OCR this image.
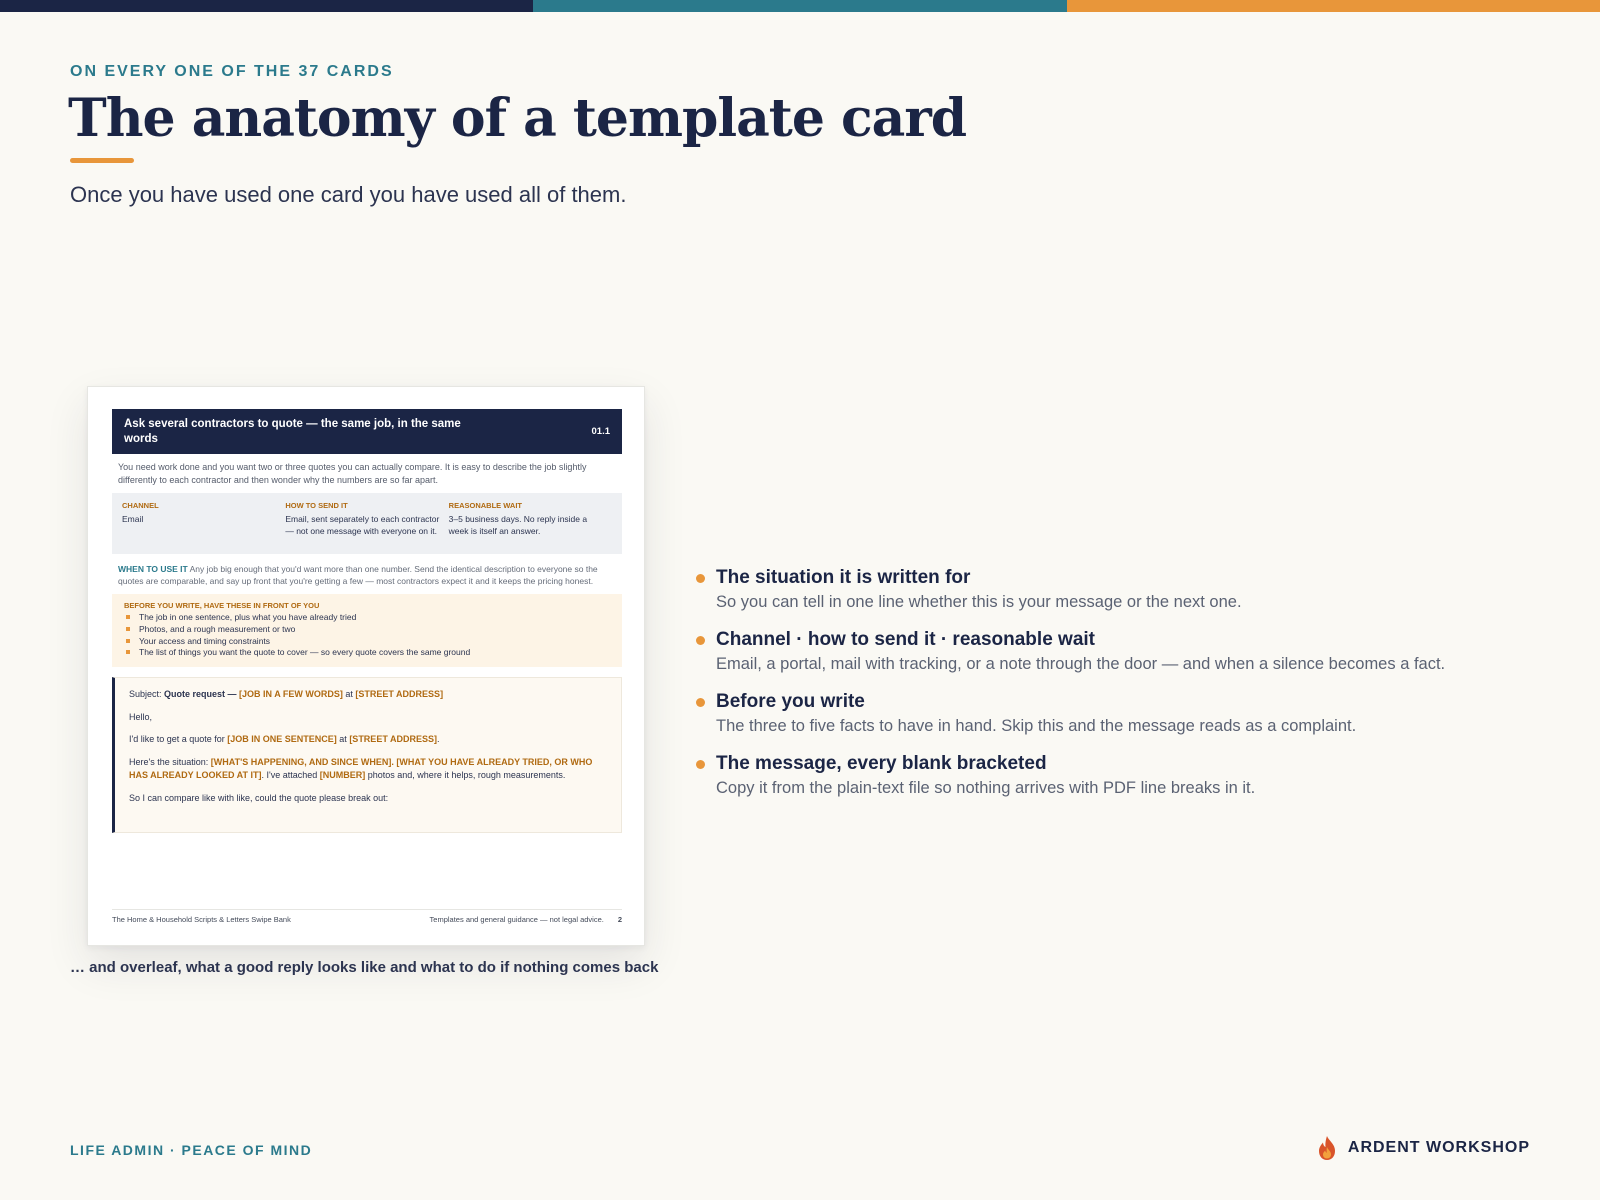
ON EVERY ONE OF THE 37 CARDS
The anatomy of a template card
Once you have used one card you have used all of them.
Ask several contractors to quote — the same job, in the same words
01.1
You need work done and you want two or three quotes you can actually compare. It is easy to describe the job slightly differently to each contractor and then wonder why the numbers are so far apart.
CHANNEL
Email
HOW TO SEND IT
Email, sent separately to each contractor — not one message with everyone on it.
REASONABLE WAIT
3–5 business days. No reply inside a week is itself an answer.
WHEN TO USE IT Any job big enough that you'd want more than one number. Send the identical description to everyone so the quotes are comparable, and say up front that you're getting a few — most contractors expect it and it keeps the pricing honest.
BEFORE YOU WRITE, HAVE THESE IN FRONT OF YOU
The job in one sentence, plus what you have already tried
Photos, and a rough measurement or two
Your access and timing constraints
The list of things you want the quote to cover — so every quote covers the same ground

Subject: Quote request — [JOB IN A FEW WORDS] at [STREET ADDRESS]

Hello,

I'd like to get a quote for [JOB IN ONE SENTENCE] at [STREET ADDRESS].

Here's the situation: [WHAT'S HAPPENING, AND SINCE WHEN]. [WHAT YOU HAVE ALREADY TRIED, OR WHO HAS ALREADY LOOKED AT IT]. I've attached [NUMBER] photos and, where it helps, rough measurements.

So I can compare like with like, could the quote please break out:

The Home & Household Scripts & Letters Swipe Bank	Templates and general guidance — not legal advice. 2
… and overleaf, what a good reply looks like and what to do if nothing comes back
The situation it is written for
So you can tell in one line whether this is your message or the next one.
Channel · how to send it · reasonable wait
Email, a portal, mail with tracking, or a note through the door — and when a silence becomes a fact.
Before you write
The three to five facts to have in hand. Skip this and the message reads as a complaint.
The message, every blank bracketed
Copy it from the plain-text file so nothing arrives with PDF line breaks in it.
LIFE ADMIN · PEACE OF MIND	ARDENT WORKSHOP
